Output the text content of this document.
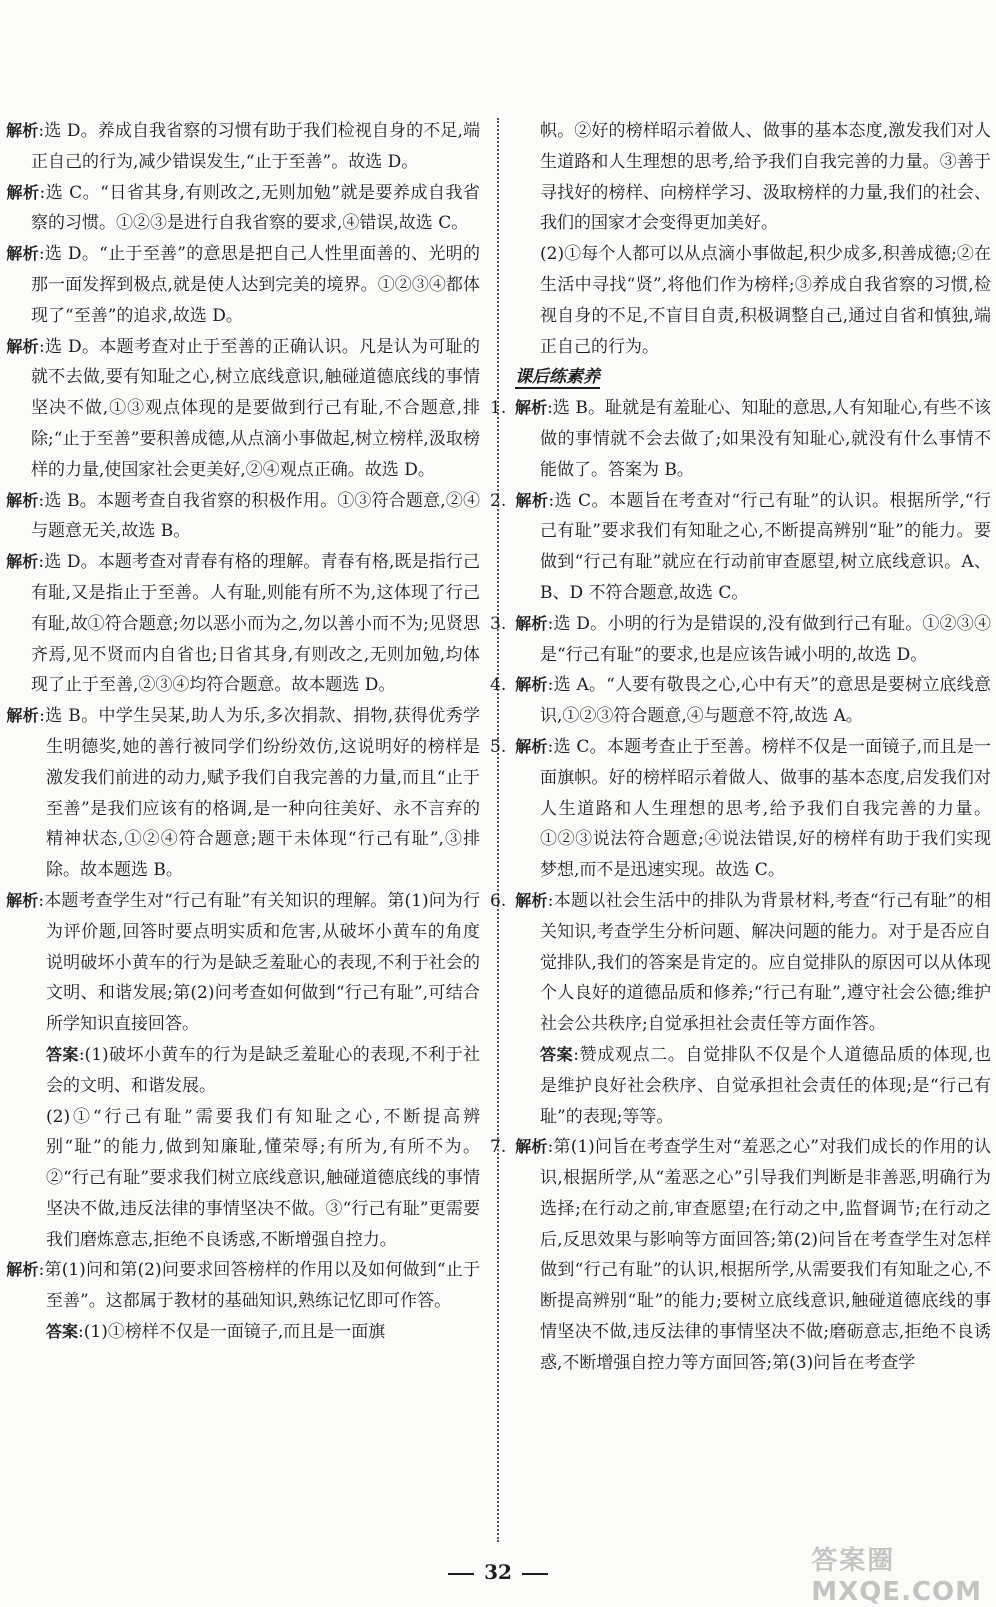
解析:选 D。养成自我省察的习惯有助于我们检视自身的不足,端正自己的行为,减少错误发生,“止于至善”。故选 D。

解析:选 C。“日省其身,有则改之,无则加勉”就是要养成自我省察的习惯。①②③是进行自我省察的要求,④错误,故选 C。

解析:选 D。“止于至善”的意思是把自己人性里面善的、光明的那一面发挥到极点,就是使人达到完美的境界。①②③④都体现了“至善”的追求,故选 D。

解析:选 D。本题考查对止于至善的正确认识。凡是认为可耻的就不去做,要有知耻之心,树立底线意识,触碰道德底线的事情坚决不做,①③观点体现的是要做到行己有耻,不合题意,排除;“止于至善”要积善成德,从点滴小事做起,树立榜样,汲取榜样的力量,使国家社会更美好,②④观点正确。故选 D。

解析:选 B。本题考查自我省察的积极作用。①③符合题意,②④与题意无关,故选 B。

解析:选 D。本题考查对青春有格的理解。青春有格,既是指行己有耻,又是指止于至善。人有耻,则能有所不为,这体现了行己有耻,故①符合题意;勿以恶小而为之,勿以善小而不为;见贤思齐焉,见不贤而内自省也;日省其身,有则改之,无则加勉,均体现了止于至善,②③④均符合题意。故本题选 D。

解析:选 B。中学生吴某,助人为乐,多次捐款、捐物,获得优秀学生明德奖,她的善行被同学们纷纷效仿,这说明好的榜样是激发我们前进的动力,赋予我们自我完善的力量,而且“止于至善”是我们应该有的格调,是一种向往美好、永不言弃的精神状态,①②④符合题意;题干未体现“行己有耻”,③排除。故本题选 B。

解析:本题考查学生对“行己有耻”有关知识的理解。第(1)问为行为评价题,回答时要点明实质和危害,从破坏小黄车的角度说明破坏小黄车的行为是缺乏羞耻心的表现,不利于社会的文明、和谐发展;第(2)问考查如何做到“行己有耻”,可结合所学知识直接回答。

答案:(1)破坏小黄车的行为是缺乏羞耻心的表现,不利于社会的文明、和谐发展。

(2)①“行己有耻”需要我们有知耻之心,不断提高辨别“耻”的能力,做到知廉耻,懂荣辱;有所为,有所不为。②“行己有耻”要求我们树立底线意识,触碰道德底线的事情坚决不做,违反法律的事情坚决不做。③“行己有耻”更需要我们磨炼意志,拒绝不良诱惑,不断增强自控力。

解析:第(1)问和第(2)问要求回答榜样的作用以及如何做到“止于至善”。这都属于教材的基础知识,熟练记忆即可作答。

答案:(1)①榜样不仅是一面镜子,而且是一面旗

帜。②好的榜样昭示着做人、做事的基本态度,激发我们对人生道路和人生理想的思考,给予我们自我完善的力量。③善于寻找好的榜样、向榜样学习、汲取榜样的力量,我们的社会、我们的国家才会变得更加美好。

(2)①每个人都可以从点滴小事做起,积少成多,积善成德;②在生活中寻找“贤”,将他们作为榜样;③养成自我省察的习惯,检视自身的不足,不盲目自责,积极调整自己,通过自省和慎独,端正自己的行为。

课后练素养

1. 解析:选 B。耻就是有羞耻心、知耻的意思,人有知耻心,有些不该做的事情就不会去做了;如果没有知耻心,就没有什么事情不能做了。答案为 B。

2. 解析:选 C。本题旨在考查对“行己有耻”的认识。根据所学,“行己有耻”要求我们有知耻之心,不断提高辨别“耻”的能力。要做到“行己有耻”就应在行动前审查愿望,树立底线意识。A、B、D 不符合题意,故选 C。

3. 解析:选 D。小明的行为是错误的,没有做到行己有耻。①②③④是“行己有耻”的要求,也是应该告诫小明的,故选 D。

4. 解析:选 A。“人要有敬畏之心,心中有天”的意思是要树立底线意识,①②③符合题意,④与题意不符,故选 A。

5. 解析:选 C。本题考查止于至善。榜样不仅是一面镜子,而且是一面旗帜。好的榜样昭示着做人、做事的基本态度,启发我们对人生道路和人生理想的思考,给予我们自我完善的力量。①②③说法符合题意;④说法错误,好的榜样有助于我们实现梦想,而不是迅速实现。故选 C。

6. 解析:本题以社会生活中的排队为背景材料,考查“行己有耻”的相关知识,考查学生分析问题、解决问题的能力。对于是否应自觉排队,我们的答案是肯定的。应自觉排队的原因可以从体现个人良好的道德品质和修养;“行己有耻”,遵守社会公德;维护社会公共秩序;自觉承担社会责任等方面作答。

答案:赞成观点二。自觉排队不仅是个人道德品质的体现,也是维护良好社会秩序、自觉承担社会责任的体现;是“行己有耻”的表现;等等。

7. 解析:第(1)问旨在考查学生对“羞恶之心”对我们成长的作用的认识,根据所学,从“羞恶之心”引导我们判断是非善恶,明确行为选择;在行动之前,审查愿望;在行动之中,监督调节;在行动之后,反思效果与影响等方面回答;第(2)问旨在考查学生对怎样做到“行己有耻”的认识,根据所学,从需要我们有知耻之心,不断提高辨别“耻”的能力;要树立底线意识,触碰道德底线的事情坚决不做,违反法律的事情坚决不做;磨砺意志,拒绝不良诱惑,不断增强自控力等方面回答;第(3)问旨在考查学

32	答案圈
MXQE.COM
